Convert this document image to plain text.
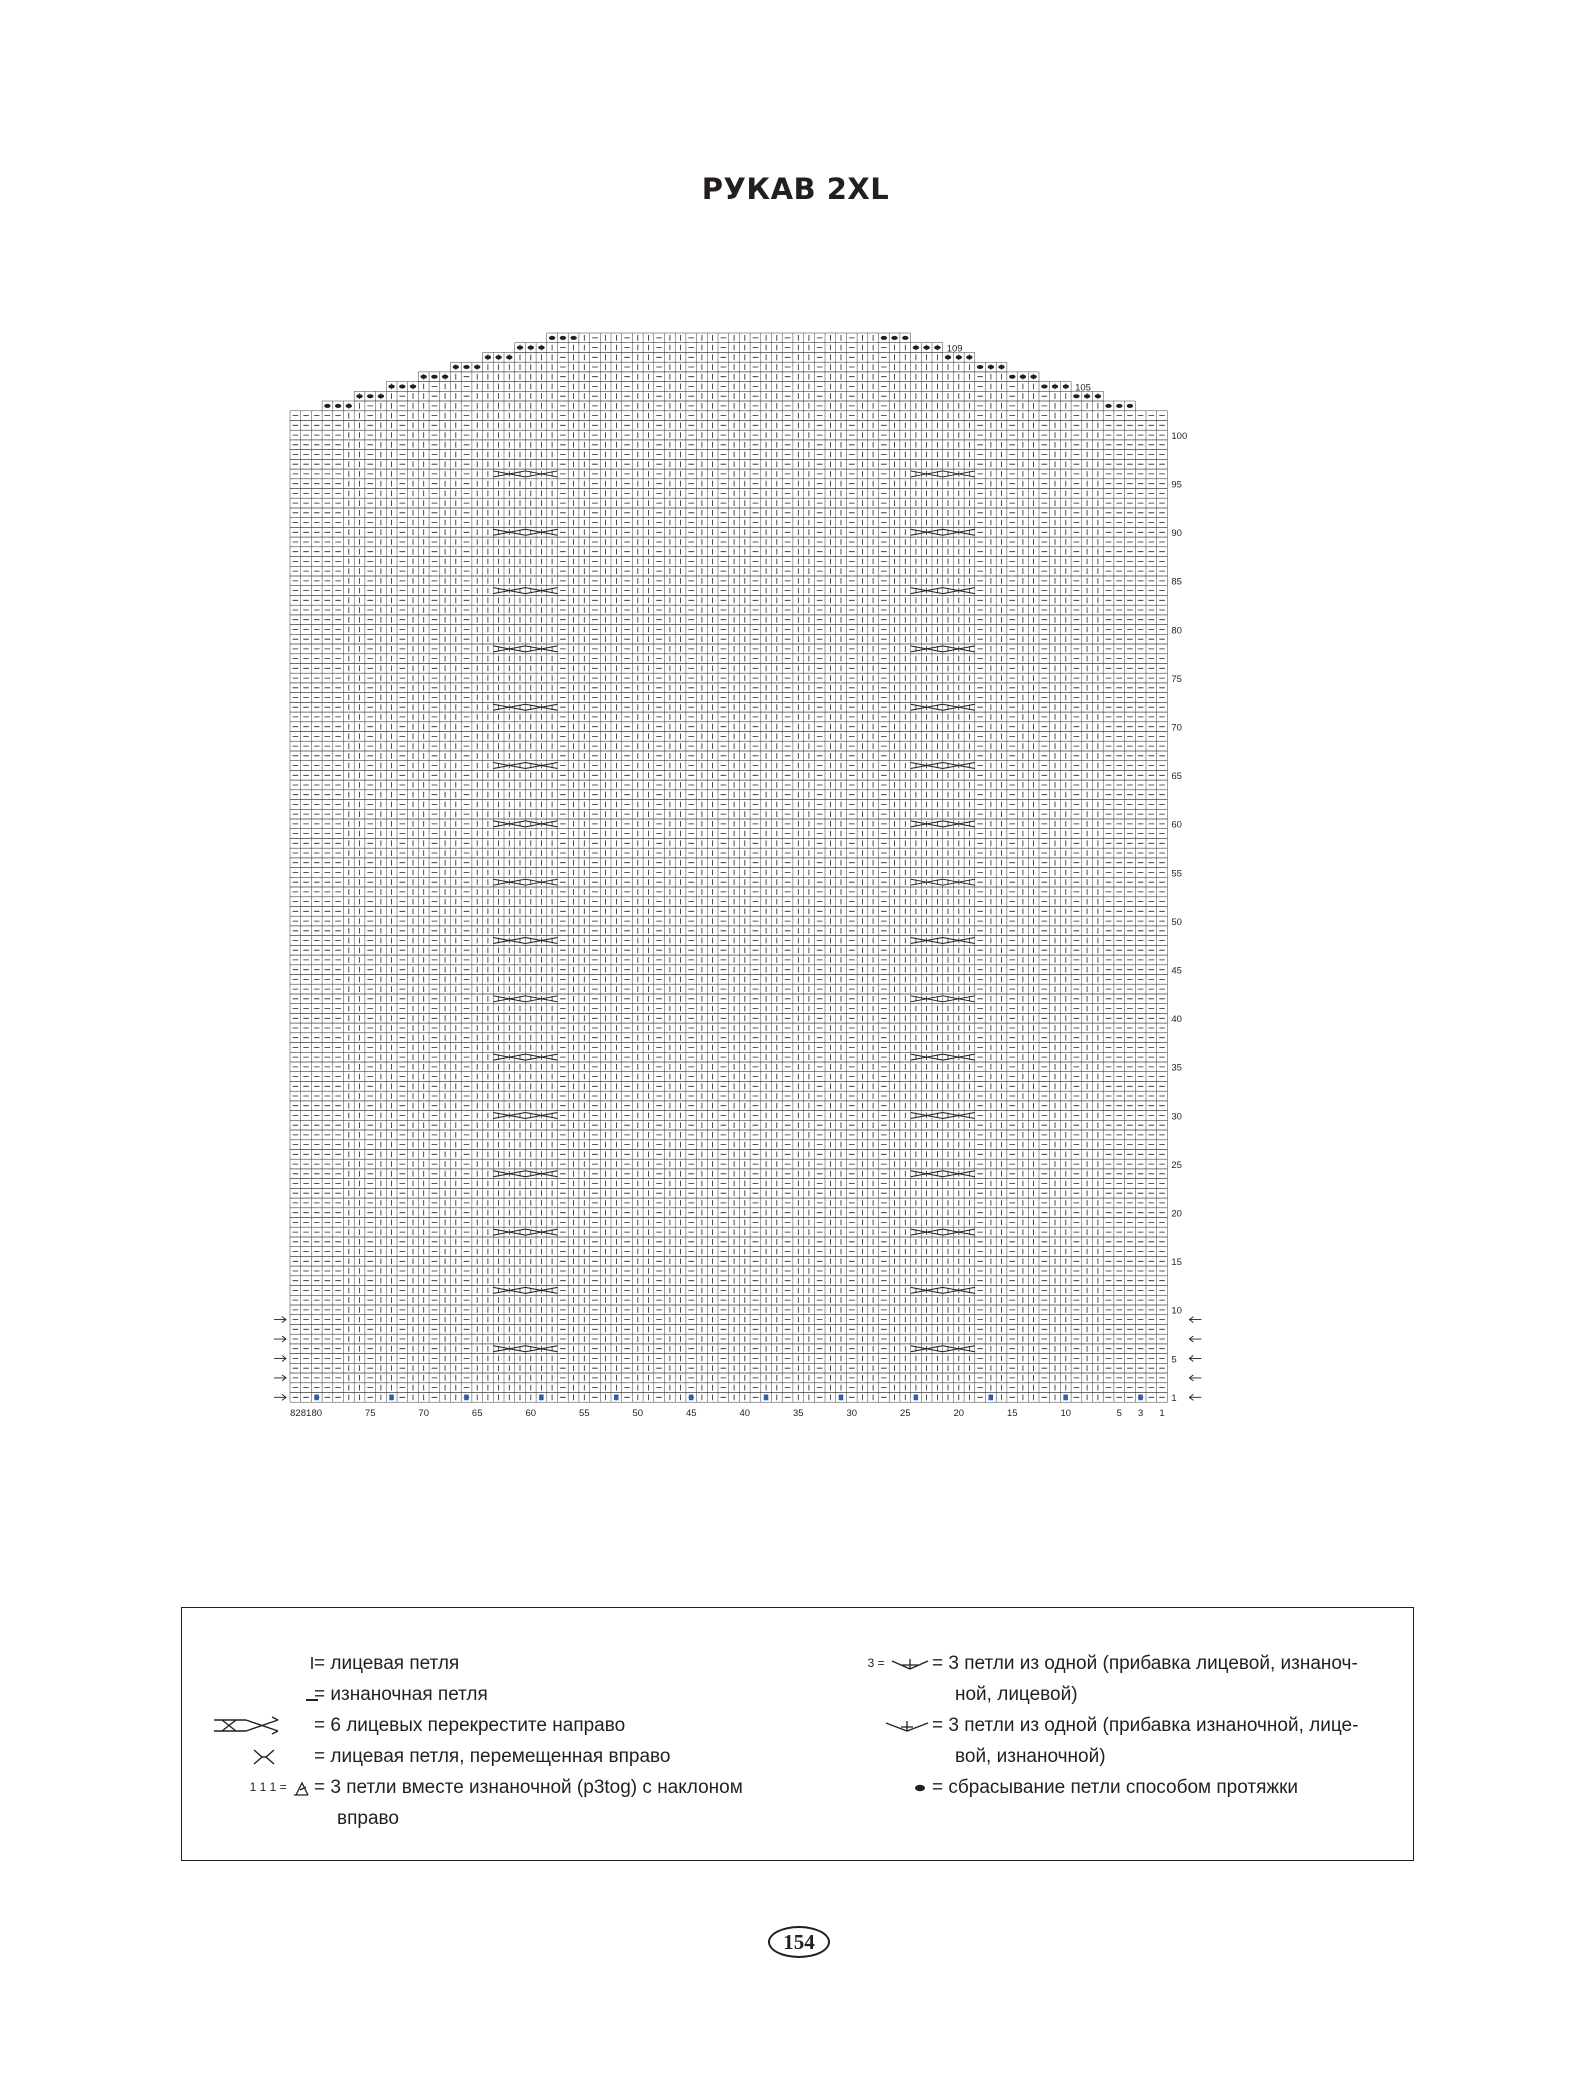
РУКАВ 2XL
82 81 80	75	70	65	60	55	50	45	40	35	30	25	20	15	10	5 3 1
1
5
10
15
20
25
30
35
40
45
50
55
60
65
70
75
80
85
90
95
100
105
109
= лицевая петля
= изнаночная петля
= 6 лицевых перекрестите направо
= лицевая петля, перемещенная вправо
1 1 1 =	= 3 петли вместе изнаночной (p3tog) с наклоном
вправо
3 =	= 3 петли из одной (прибавка лицевой, изнаноч-
ной, лицевой)
= 3 петли из одной (прибавка изнаночной, лице-
вой, изнаночной)
= сбрасывание петли способом протяжки
154
